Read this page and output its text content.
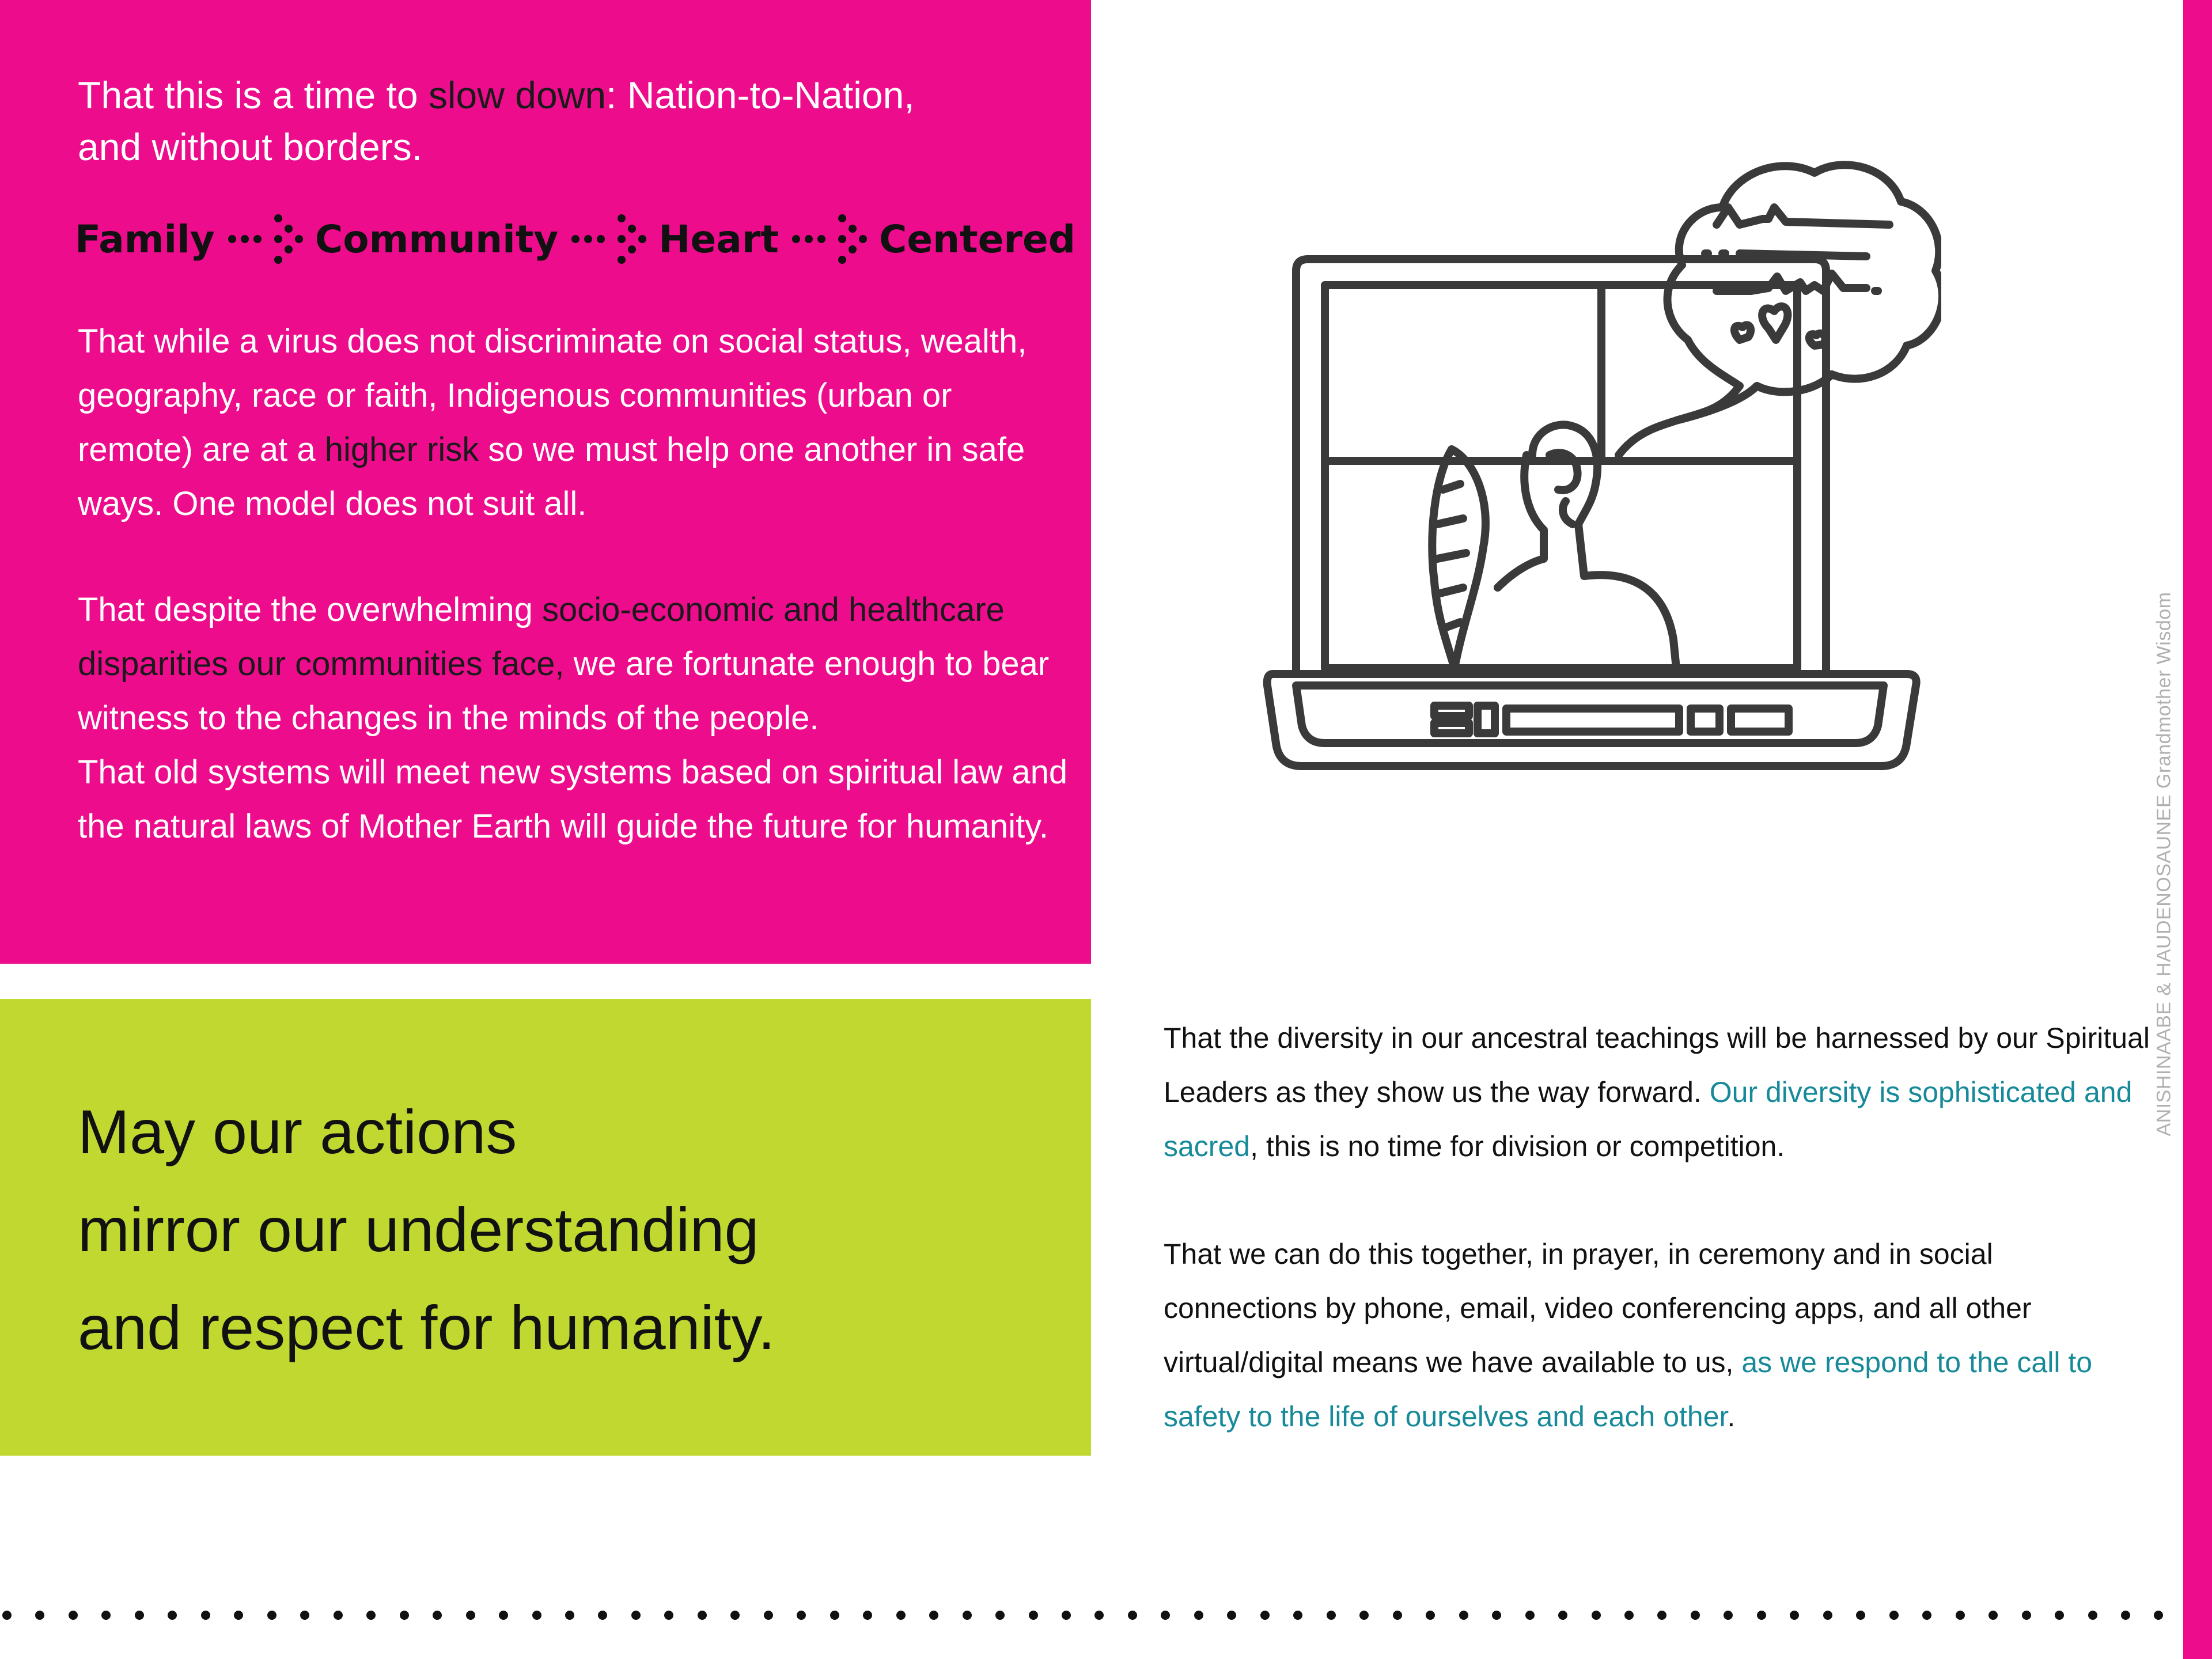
That this is a time to slow down: Nation-to-Nation,
and without borders.
Family	Community	Heart	Centered

That while a virus does not discriminate on social status, wealth, geography, race or faith, Indigenous communities (urban or remote) are at a higher risk so we must help one another in safe ways. One model does not suit all.

That despite the overwhelming socio-economic and healthcare disparities our communities face, we are fortunate enough to bear witness to the changes in the minds of the people.
That old systems will meet new systems based on spiritual law and the natural laws of Mother Earth will guide the future for humanity.

May our actions
mirror our understanding
and respect for humanity.

That the diversity in our ancestral teachings will be harnessed by our Spiritual Leaders as they show us the way forward. Our diversity is sophisticated and sacred, this is no time for division or competition.

That we can do this together, in prayer, in ceremony and in social connections by phone, email, video conferencing apps, and all other virtual/digital means we have available to us, as we respond to the call to safety to the life of ourselves and each other.

ANISHINAABE & HAUDENOSAUNEE Grandmother Wisdom
